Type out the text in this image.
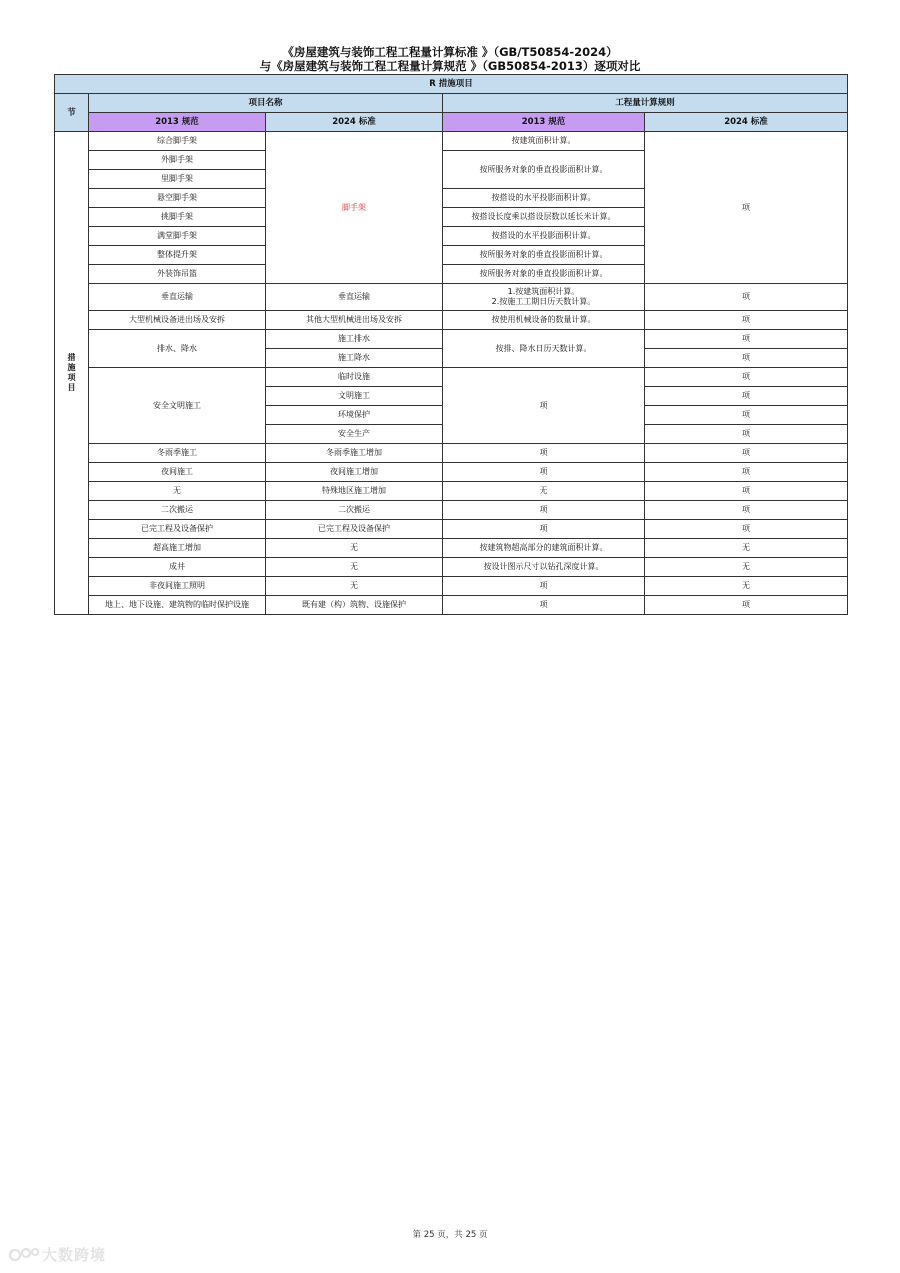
《房屋建筑与装饰工程工程量计算标准 》（GB/T50854-2024）
与《房屋建筑与装饰工程工程量计算规范 》（GB50854-2013）逐项对比
R 措施项目				
节	项目名称		工程量计算规则	
	2013 规范	2024 标准	2013 规范	2024 标准
措施项目	综合脚手架	脚手架	按建筑面积计算。	项
	外脚手架		按所服务对象的垂直投影面积计算。	
	里脚手架			
	悬空脚手架		按搭设的水平投影面积计算。	
	挑脚手架		按搭设长度乘以搭设层数以延长米计算。	
	满堂脚手架		按搭设的水平投影面积计算。	
	整体提升架		按所服务对象的垂直投影面积计算。	
	外装饰吊篮		按所服务对象的垂直投影面积计算。	
	垂直运输	垂直运输	1.按建筑面积计算。
2.按施工工期日历天数计算。	项
	大型机械设备进出场及安拆	其他大型机械进出场及安拆	按使用机械设备的数量计算。	项
	排水、降水	施工排水	按排、降水日历天数计算。	项
		施工降水		项
	安全文明施工	临时设施	项	项
		文明施工		项
		环境保护		项
		安全生产		项
	冬雨季施工	冬雨季施工增加	项	项
	夜间施工	夜间施工增加	项	项
	无	特殊地区施工增加	无	项
	二次搬运	二次搬运	项	项
	已完工程及设备保护	已完工程及设备保护	项	项
	超高施工增加	无	按建筑物超高部分的建筑面积计算。	无
	成井	无	按设计图示尺寸以钻孔深度计算。	无
	非夜间施工照明	无	项	无
	地上、地下设施、建筑物的临时保护设施	既有建（构）筑物、设施保护	项	项
第 25 页，共 25 页
大数跨境
